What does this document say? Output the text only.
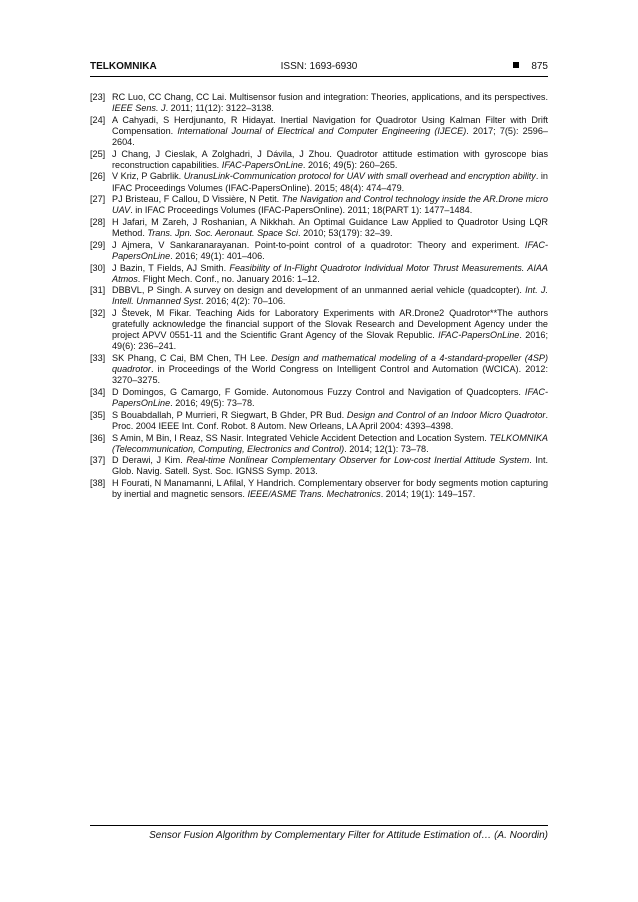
TELKOMNIKA	ISSN: 1693-6930	875
[23] RC Luo, CC Chang, CC Lai. Multisensor fusion and integration: Theories, applications, and its perspectives. IEEE Sens. J. 2011; 11(12): 3122–3138.
[24] A Cahyadi, S Herdjunanto, R Hidayat. Inertial Navigation for Quadrotor Using Kalman Filter with Drift Compensation. International Journal of Electrical and Computer Engineering (IJECE). 2017; 7(5): 2596–2604.
[25] J Chang, J Cieslak, A Zolghadri, J Dávila, J Zhou. Quadrotor attitude estimation with gyroscope bias reconstruction capabilities. IFAC-PapersOnLine. 2016; 49(5): 260–265.
[26] V Kriz, P Gabrlik. UranusLink-Communication protocol for UAV with small overhead and encryption ability. in IFAC Proceedings Volumes (IFAC-PapersOnline). 2015; 48(4): 474–479.
[27] PJ Bristeau, F Callou, D Vissière, N Petit. The Navigation and Control technology inside the AR.Drone micro UAV. in IFAC Proceedings Volumes (IFAC-PapersOnline). 2011; 18(PART 1): 1477–1484.
[28] H Jafari, M Zareh, J Roshanian, A Nikkhah. An Optimal Guidance Law Applied to Quadrotor Using LQR Method. Trans. Jpn. Soc. Aeronaut. Space Sci. 2010; 53(179): 32–39.
[29] J Ajmera, V Sankaranarayanan. Point-to-point control of a quadrotor: Theory and experiment. IFAC-PapersOnLine. 2016; 49(1): 401–406.
[30] J Bazin, T Fields, AJ Smith. Feasibility of In-Flight Quadrotor Individual Motor Thrust Measurements. AIAA Atmos. Flight Mech. Conf., no. January 2016: 1–12.
[31] DBBVL, P Singh. A survey on design and development of an unmanned aerial vehicle (quadcopter). Int. J. Intell. Unmanned Syst. 2016; 4(2): 70–106.
[32] J Števek, M Fikar. Teaching Aids for Laboratory Experiments with AR.Drone2 Quadrotor**The authors gratefully acknowledge the financial support of the Slovak Research and Development Agency under the project APVV 0551-11 and the Scientific Grant Agency of the Slovak Republic. IFAC-PapersOnLine. 2016; 49(6): 236–241.
[33] SK Phang, C Cai, BM Chen, TH Lee. Design and mathematical modeling of a 4-standard-propeller (4SP) quadrotor. in Proceedings of the World Congress on Intelligent Control and Automation (WCICA). 2012: 3270–3275.
[34] D Domingos, G Camargo, F Gomide. Autonomous Fuzzy Control and Navigation of Quadcopters. IFAC-PapersOnLine. 2016; 49(5): 73–78.
[35] S Bouabdallah, P Murrieri, R Siegwart, B Ghder, PR Bud. Design and Control of an Indoor Micro Quadrotor. Proc. 2004 IEEE Int. Conf. Robot. 8 Autom. New Orleans, LA April 2004: 4393–4398.
[36] S Amin, M Bin, I Reaz, SS Nasir. Integrated Vehicle Accident Detection and Location System. TELKOMNIKA (Telecommunication, Computing, Electronics and Control). 2014; 12(1): 73–78.
[37] D Derawi, J Kim. Real-time Nonlinear Complementary Observer for Low-cost Inertial Attitude System. Int. Glob. Navig. Satell. Syst. Soc. IGNSS Symp. 2013.
[38] H Fourati, N Manamanni, L Afilal, Y Handrich. Complementary observer for body segments motion capturing by inertial and magnetic sensors. IEEE/ASME Trans. Mechatronics. 2014; 19(1): 149–157.
Sensor Fusion Algorithm by Complementary Filter for Attitude Estimation of… (A. Noordin)
